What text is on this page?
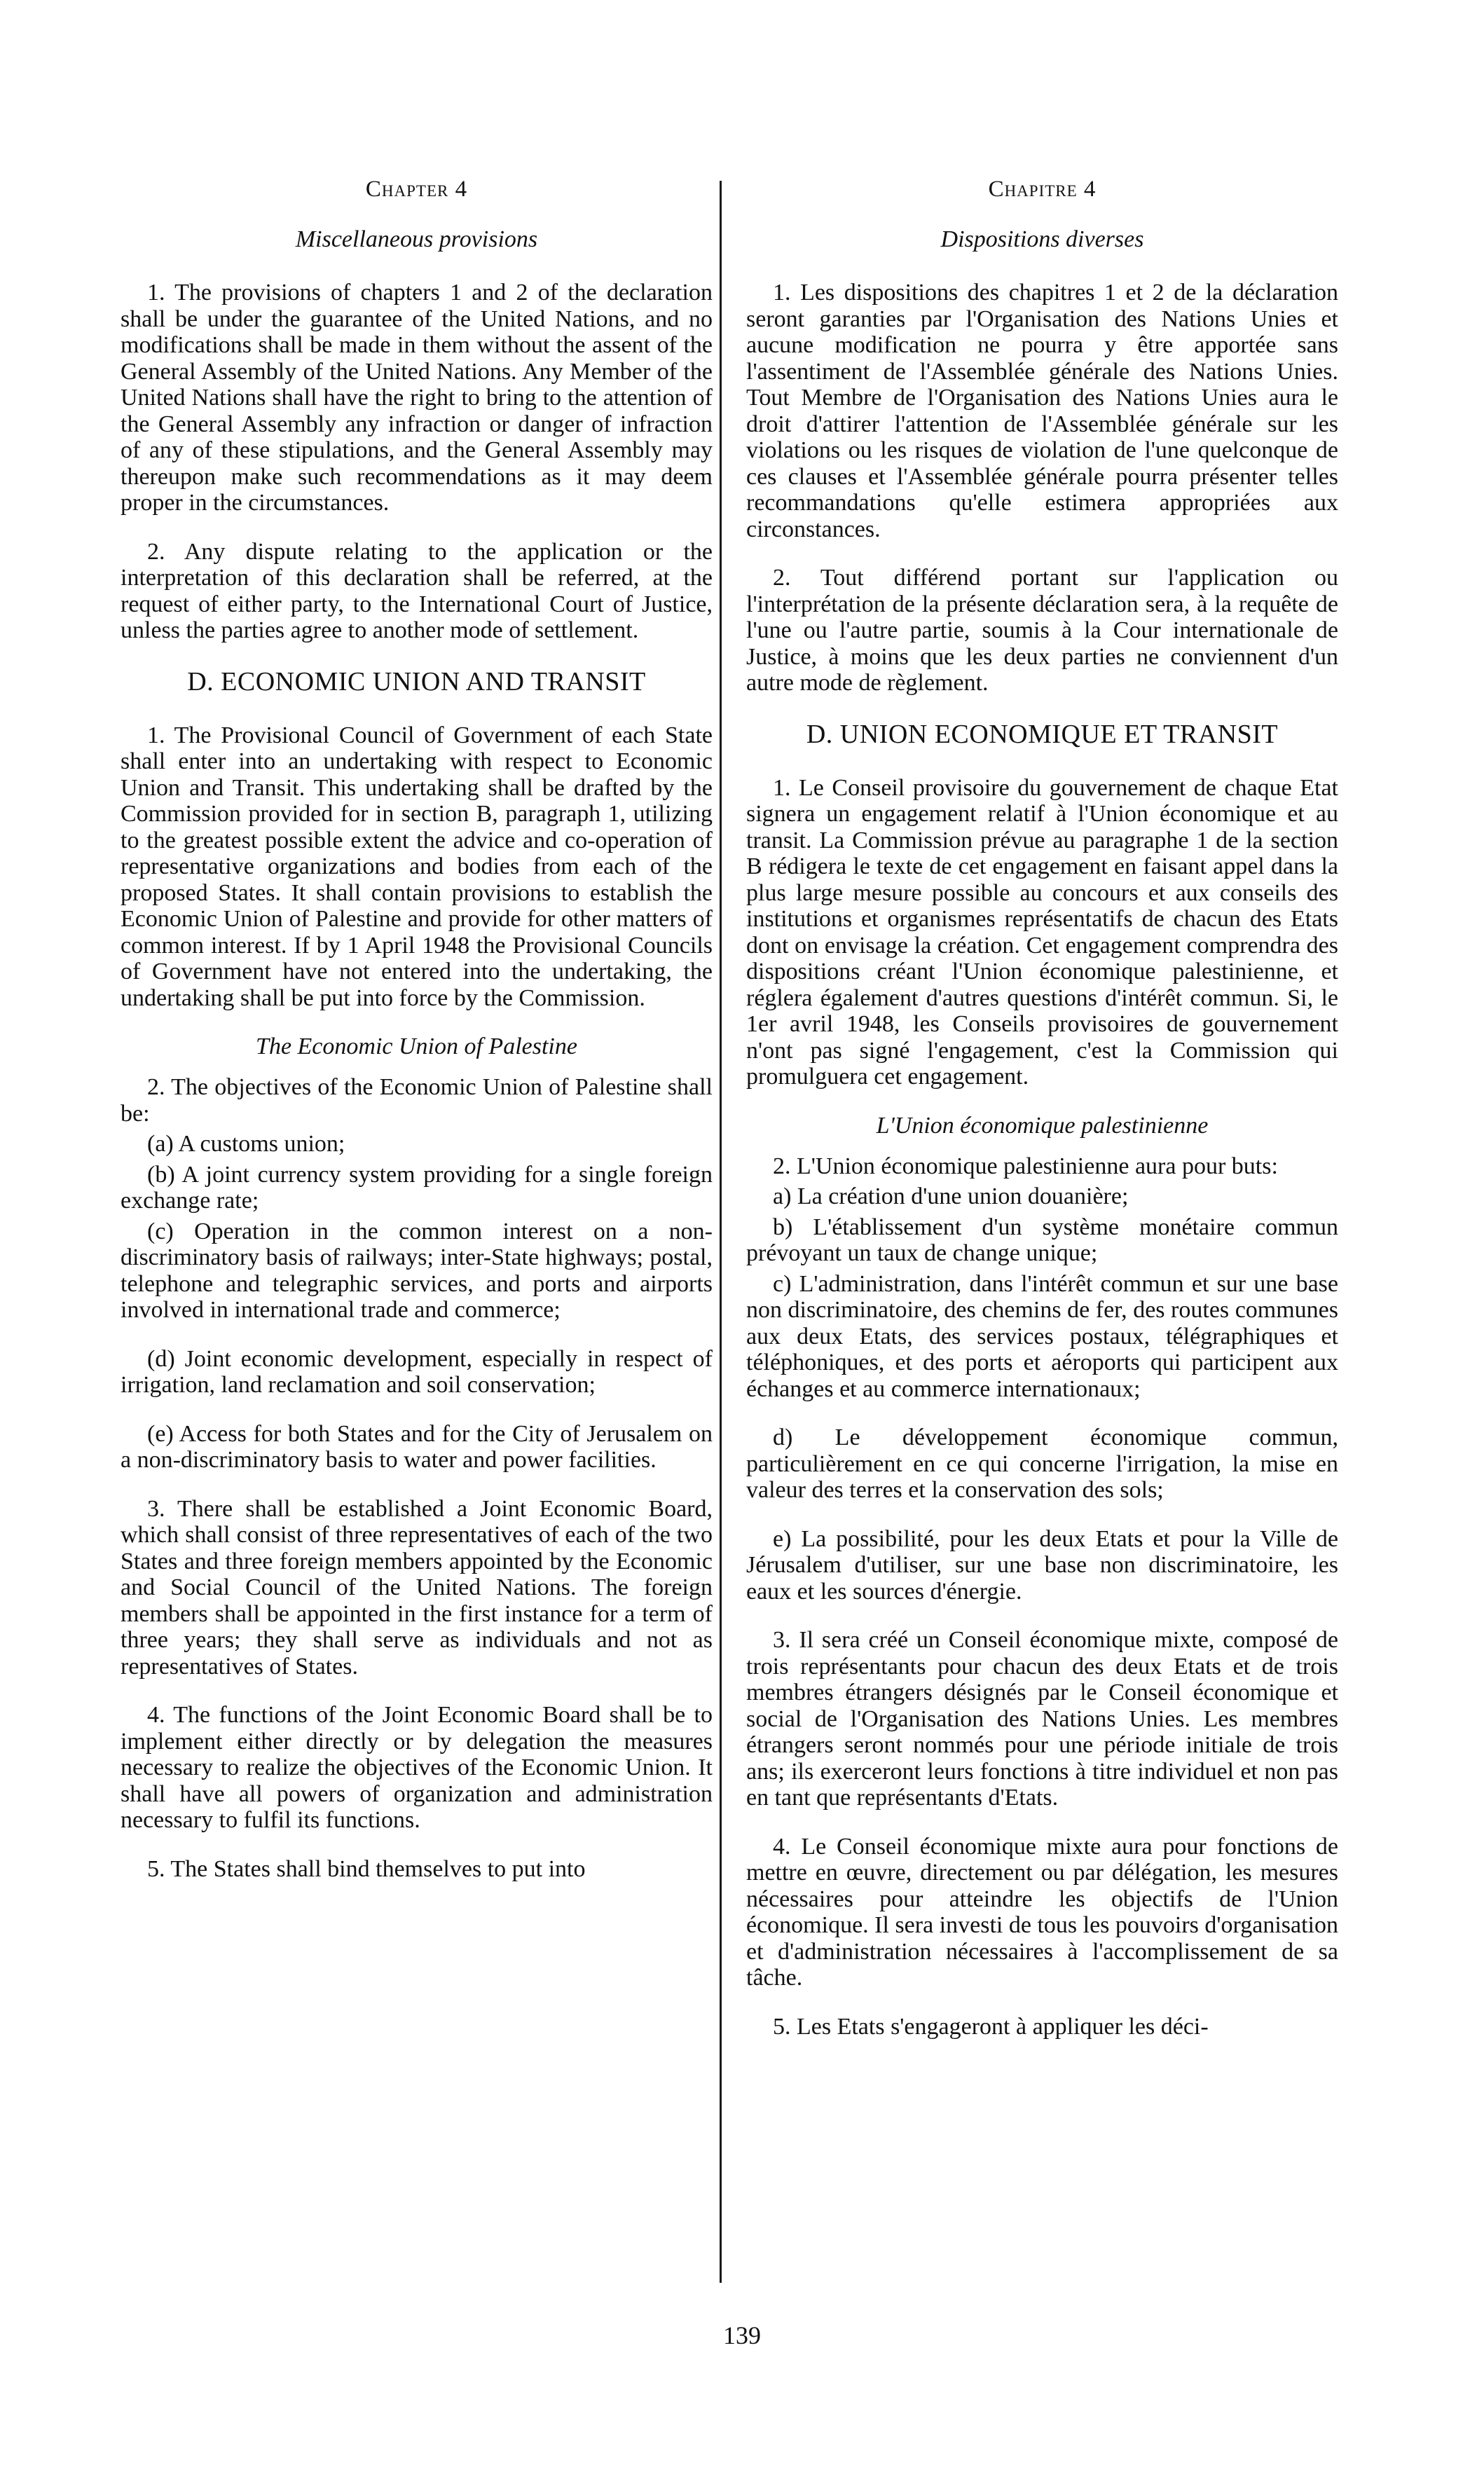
Chapter 4
Miscellaneous provisions

1. The provisions of chapters 1 and 2 of the declaration shall be under the guarantee of the United Nations, and no modifications shall be made in them without the assent of the General Assembly of the United Nations. Any Member of the United Nations shall have the right to bring to the attention of the General Assembly any infraction or danger of infraction of any of these stipulations, and the General Assembly may thereupon make such recommendations as it may deem proper in the circumstances.

2. Any dispute relating to the application or the interpretation of this declaration shall be referred, at the request of either party, to the International Court of Justice, unless the parties agree to another mode of settlement.

D. ECONOMIC UNION AND TRANSIT

1. The Provisional Council of Government of each State shall enter into an undertaking with respect to Economic Union and Transit. This undertaking shall be drafted by the Commission provided for in section B, paragraph 1, utilizing to the greatest possible extent the advice and co-operation of representative organizations and bodies from each of the proposed States. It shall contain provisions to establish the Economic Union of Palestine and provide for other matters of common interest. If by 1 April 1948 the Provisional Councils of Government have not entered into the undertaking, the undertaking shall be put into force by the Commission.

The Economic Union of Palestine

2. The objectives of the Economic Union of Palestine shall be:

(a) A customs union;

(b) A joint currency system providing for a single foreign exchange rate;

(c) Operation in the common interest on a non-discriminatory basis of railways; inter-State highways; postal, telephone and telegraphic services, and ports and airports involved in international trade and commerce;

(d) Joint economic development, especially in respect of irrigation, land reclamation and soil conservation;

(e) Access for both States and for the City of Jerusalem on a non-discriminatory basis to water and power facilities.

3. There shall be established a Joint Economic Board, which shall consist of three representatives of each of the two States and three foreign members appointed by the Economic and Social Council of the United Nations. The foreign members shall be appointed in the first instance for a term of three years; they shall serve as individuals and not as representatives of States.

4. The functions of the Joint Economic Board shall be to implement either directly or by delegation the measures necessary to realize the objectives of the Economic Union. It shall have all powers of organization and administration necessary to fulfil its functions.

5. The States shall bind themselves to put into

Chapitre 4
Dispositions diverses

1. Les dispositions des chapitres 1 et 2 de la déclaration seront garanties par l'Organisation des Nations Unies et aucune modification ne pourra y être apportée sans l'assentiment de l'Assemblée générale des Nations Unies. Tout Membre de l'Organisation des Nations Unies aura le droit d'attirer l'attention de l'Assemblée générale sur les violations ou les risques de violation de l'une quelconque de ces clauses et l'Assemblée générale pourra présenter telles recommandations qu'elle estimera appropriées aux circonstances.

2. Tout différend portant sur l'application ou l'interprétation de la présente déclaration sera, à la requête de l'une ou l'autre partie, soumis à la Cour internationale de Justice, à moins que les deux parties ne conviennent d'un autre mode de règlement.

D. UNION ECONOMIQUE ET TRANSIT

1. Le Conseil provisoire du gouvernement de chaque Etat signera un engagement relatif à l'Union économique et au transit. La Commission prévue au paragraphe 1 de la section B rédigera le texte de cet engagement en faisant appel dans la plus large mesure possible au concours et aux conseils des institutions et organismes représentatifs de chacun des Etats dont on envisage la création. Cet engagement comprendra des dispositions créant l'Union économique palestinienne, et réglera également d'autres questions d'intérêt commun. Si, le 1er avril 1948, les Conseils provisoires de gouvernement n'ont pas signé l'engagement, c'est la Commission qui promulguera cet engagement.

L'Union économique palestinienne

2. L'Union économique palestinienne aura pour buts:

a) La création d'une union douanière;

b) L'établissement d'un système monétaire commun prévoyant un taux de change unique;

c) L'administration, dans l'intérêt commun et sur une base non discriminatoire, des chemins de fer, des routes communes aux deux Etats, des services postaux, télégraphiques et téléphoniques, et des ports et aéroports qui participent aux échanges et au commerce internationaux;

d) Le développement économique commun, particulièrement en ce qui concerne l'irrigation, la mise en valeur des terres et la conservation des sols;

e) La possibilité, pour les deux Etats et pour la Ville de Jérusalem d'utiliser, sur une base non discriminatoire, les eaux et les sources d'énergie.

3. Il sera créé un Conseil économique mixte, composé de trois représentants pour chacun des deux Etats et de trois membres étrangers désignés par le Conseil économique et social de l'Organisation des Nations Unies. Les membres étrangers seront nommés pour une période initiale de trois ans; ils exerceront leurs fonctions à titre individuel et non pas en tant que représentants d'Etats.

4. Le Conseil économique mixte aura pour fonctions de mettre en œuvre, directement ou par délégation, les mesures nécessaires pour atteindre les objectifs de l'Union économique. Il sera investi de tous les pouvoirs d'organisation et d'administration nécessaires à l'accomplissement de sa tâche.

5. Les Etats s'engageront à appliquer les déci-

139
